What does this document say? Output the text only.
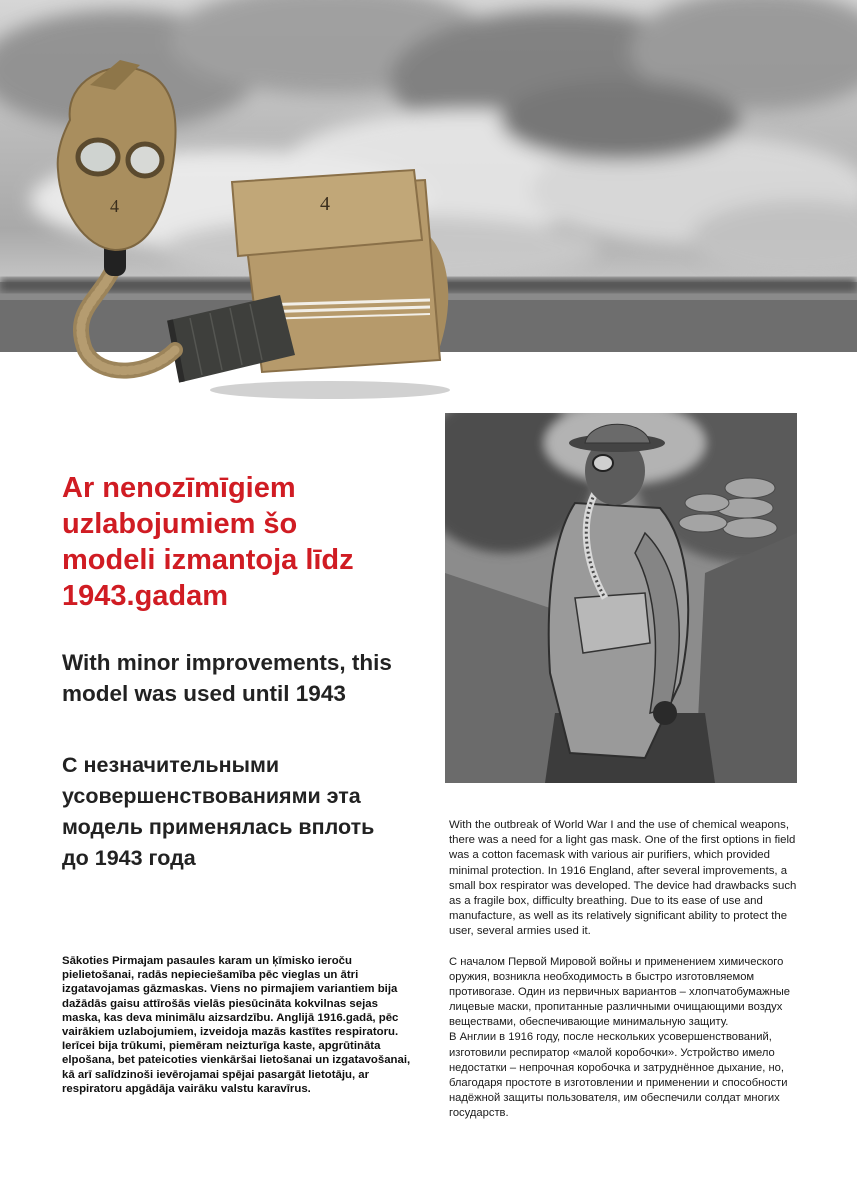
4
4
Ar nenozīmīgiem uzlabojumiem šo modeli izmantoja līdz 1943.gadam
With minor improvements, this model was used until 1943
С незначительными усовершенствованиями эта модель применялась вплоть до 1943 года

Sākoties Pirmajam pasaules karam un ķīmisko ieroču pielietošanai, radās nepieciešamība pēc vieglas un ātri izgatavojamas gāzmaskas. Viens no pirmajiem variantiem bija dažādās gaisu attīrošās vielās piesūcināta kokvilnas sejas maska, kas deva minimālu aizsardzību. Anglijā 1916.gadā, pēc vairākiem uzlabojumiem, izveidoja mazās kastītes respiratoru. Ierīcei bija trūkumi, piemēram neizturīga kaste, apgrūtināta elpošana, bet pateicoties vienkāršai lietošanai un izgatavošanai, kā arī salīdzinoši ievērojamai spējai pasargāt lietotāju, ar respiratoru apgādāja vairāku valstu karavīrus.

With the outbreak of World War I and the use of chemical weapons, there was a need for a light gas mask. One of the first options in field was a cotton facemask with various air purifiers, which provided minimal protection. In 1916 England, after several improvements, a small box respirator was developed. The device had drawbacks such as a fragile box, difficulty breathing. Due to its ease of use and manufacture, as well as its relatively significant ability to protect the user, several armies used it.

С началом Первой Мировой войны и применением химического оружия, возникла необходимость в быстро изготовляемом противогазе. Один из первичных вариантов – хлопчатобумажные лицевые маски, пропитанные различными очищающими воздух веществами, обеспечивающие минимальную защиту.
В Англии в 1916 году, после нескольких усовершенствований, изготовили респиратор «малой коробочки». Устройство имело недостатки – непрочная коробочка и затруднённое дыхание, но, благодаря простоте в изготовлении и применении и способности надёжной защиты пользователя, им обеспечили солдат многих государств.
